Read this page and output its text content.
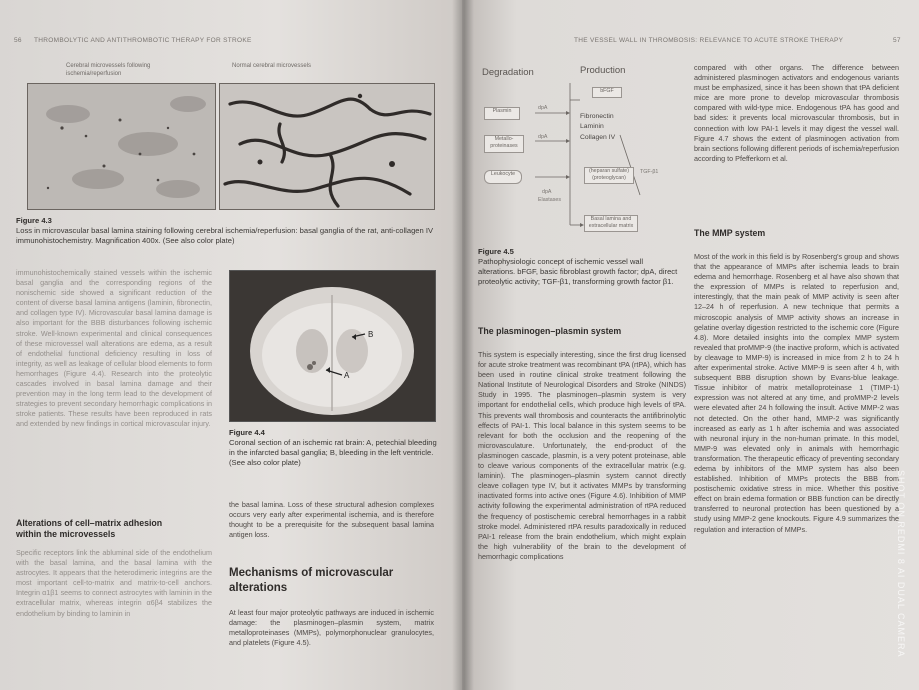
56 THROMBOLYTIC AND ANTITHROMBOTIC THERAPY FOR STROKE
Cerebral microvessels following ischemia/reperfusion
Normal cerebral microvessels
Figure 4.3
Loss in microvascular basal lamina staining following cerebral ischemia/reperfusion: basal ganglia of the rat, anti-collagen IV immunohistochemistry. Magnification 400x. (See also color plate)
immunohistochemically stained vessels within the ischemic basal ganglia and the corresponding regions of the nonischemic side showed a significant reduction of the content of diverse basal lamina antigens (laminin, fibronectin, and collagen type IV). Microvascular basal lamina damage is also important for the BBB disturbances following ischemic stroke. Well-known experimental and clinical consequences of these microvessel wall alterations are edema, as a result of endothelial functional deficiency resulting in loss of integrity, as well as leakage of cellular blood elements to form hemorrhages (Figure 4.4). Research into the proteolytic cascades involved in basal lamina damage and their prevention may in the long term lead to the development of strategies to prevent secondary hemorrhagic complications in stroke patients. These results have been reproduced in rats and extended by new findings in cortical microvascular injury.
B
A
Figure 4.4
Coronal section of an ischemic rat brain: A, petechial bleeding in the infarcted basal ganglia; B, bleeding in the left ventricle. (See also color plate)
the basal lamina. Loss of these structural adhesion complexes occurs very early after experimental ischemia, and is therefore thought to be a prerequisite for the subsequent basal lamina antigen loss.
Alterations of cell–matrix adhesion
within the microvessels
Specific receptors link the abluminal side of the endothelium with the basal lamina, and the basal lamina with the astrocytes. It appears that the heterodimeric integrins are the most important cell-to-matrix and matrix-to-cell anchors. Integrin α1β1 seems to connect astrocytes with laminin in the extracellular matrix, whereas integrin α6β4 stabilizes the endothelium by binding to laminin in
Mechanisms of microvascular
alterations
At least four major proteolytic pathways are induced in ischemic damage: the plasminogen–plasmin system, matrix metalloproteinases (MMPs), polymorphonuclear granulocytes, and platelets (Figure 4.5).
THE VESSEL WALL IN THROMBOSIS: RELEVANCE TO ACUTE STROKE THERAPY	57
Degradation	Production
Plasmin
Metallo-proteinases
Leukocyte
dpA
dpA
dpA
Elastases
bFGF
Fibronectin
Laminin
Collagen IV
(heparan sulfate) (proteoglycan)
TGF-β1
Basal lamina and extracellular matrix
Figure 4.5
Pathophysiologic concept of ischemic vessel wall alterations. bFGF, basic fibroblast growth factor; dpA, direct proteolytic activity; TGF-β1, transforming growth factor β1.
The plasminogen–plasmin system
This system is especially interesting, since the first drug licensed for acute stroke treatment was recombinant tPA (rtPA), which has been used in routine clinical stroke treatment following the National Institute of Neurological Disorders and Stroke (NINDS) Study in 1995. The plasminogen–plasmin system is very important for endothelial cells, which produce high levels of tPA. This prevents wall thrombosis and counteracts the antifibrinolytic effects of PAI-1. This local balance in this system seems to be relevant for both the occlusion and the reopening of the microvasculature. Unfortunately, the end-product of the plasminogen cascade, plasmin, is a very potent proteinase, able to cleave various components of the extracellular matrix (e.g. laminin). The plasminogen–plasmin system cannot directly cleave collagen type IV, but it activates MMPs by transforming inactivated forms into active ones (Figure 4.6). Inhibition of MMP activity following the experimental administration of rtPA reduced the frequency of postischemic cerebral hemorrhages in a rabbit stroke model. Administered rtPA results paradoxically in reduced PAI-1 release from the brain endothelium, which might explain the high vulnerability of the brain to the development of hemorrhagic complications
compared with other organs. The difference between administered plasminogen activators and endogenous variants must be emphasized, since it has been shown that tPA deficient mice are more prone to develop microvascular thrombosis compared with wild-type mice. Endogenous tPA has good and bad sides: it prevents local microvascular thrombosis, but in connection with low PAI-1 levels it may digest the vessel wall. Figure 4.7 shows the extent of plasminogen activation from brain sections following different periods of ischemia/reperfusion according to Pfefferkorn et al.
The MMP system
Most of the work in this field is by Rosenberg's group and shows that the appearance of MMPs after ischemia leads to brain edema and hemorrhage. Rosenberg et al have also shown that the expression of MMPs is related to reperfusion and, interestingly, that the main peak of MMP activity is seen after 12–24 h of reperfusion. A new technique that permits a microscopic analysis of MMP activity shows an increase in gelatine overlay digestion restricted to the ischemic core (Figure 4.8). More detailed insights into the complex MMP system revealed that proMMP-9 (the inactive proform, which is activated by cleavage to MMP-9) is increased in mice from 2 h to 24 h after experimental stroke. Active MMP-9 is seen after 4 h, with subsequent BBB disruption shown by Evans-blue leakage. Tissue inhibitor of matrix metalloproteinase 1 (TIMP-1) expression was not altered at any time, and proMMP-2 levels were elevated after 24 h following the insult. Active MMP-2 was not detected. On the other hand, MMP-2 was significantly increased as early as 1 h after ischemia and was associated with neuronal injury in the non-human primate. In this model, MMP-9 was elevated only in animals with hemorrhagic transformation. The therapeutic efficacy of preventing secondary edema by inhibitors of the MMP system has also been established. Inhibition of MMPs protects the BBB from postischemic oxidative stress in mice. Whether this positive effect on brain edema formation or BBB function can be directly transferred to neuronal protection has been questioned by a study using MMP-2 gene knockouts. Figure 4.9 summarizes the regulation and interaction of MMPs.	SHOT ON REDMI 8 AI DUAL CAMERA
